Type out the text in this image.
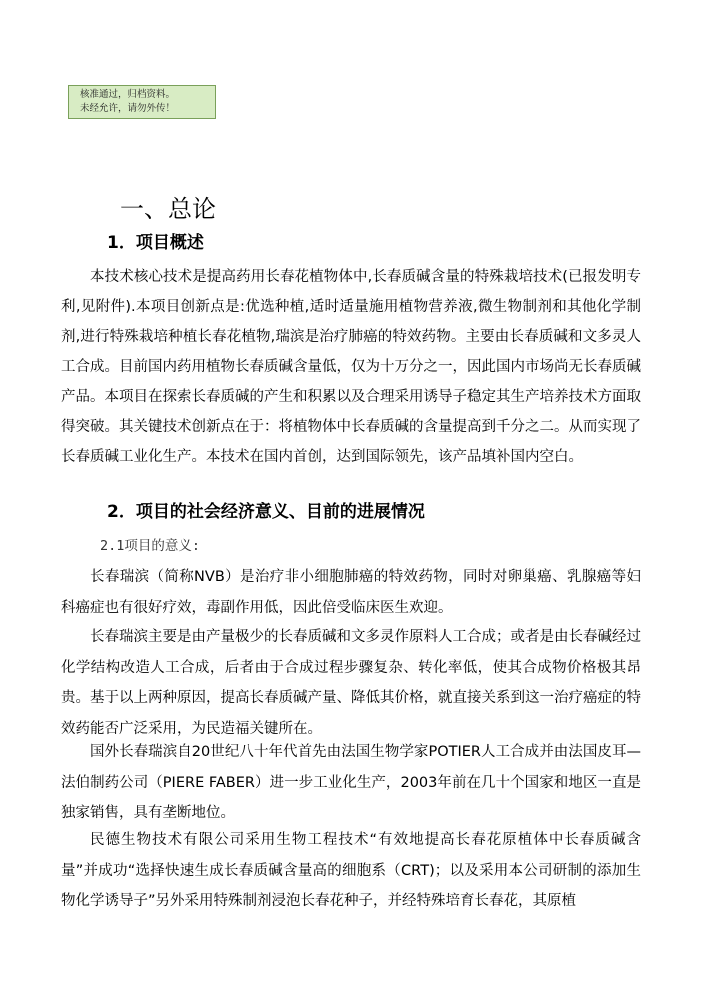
核准通过，归档资料。
未经允许，请勿外传！
一、总论
1．项目概述

本技术核心技术是提高药用长春花植物体中,长春质碱含量的特殊栽培技术(已报发明专利,见附件).本项目创新点是:优选种植,适时适量施用植物营养液,微生物制剂和其他化学制剂,进行特殊栽培种植长春花植物,瑞滨是治疗肺癌的特效药物。主要由长春质碱和文多灵人工合成。目前国内药用植物长春质碱含量低，仅为十万分之一，因此国内市场尚无长春质碱产品。本项目在探索长春质碱的产生和积累以及合理采用诱导子稳定其生产培养技术方面取得突破。其关键技术创新点在于：将植物体中长春质碱的含量提高到千分之二。从而实现了长春质碱工业化生产。本技术在国内首创，达到国际领先，该产品填补国内空白。

2．项目的社会经济意义、目前的进展情况
2.1项目的意义:

长春瑞滨（简称NVB）是治疗非小细胞肺癌的特效药物，同时对卵巢癌、乳腺癌等妇科癌症也有很好疗效，毒副作用低，因此倍受临床医生欢迎。

长春瑞滨主要是由产量极少的长春质碱和文多灵作原料人工合成；或者是由长春碱经过化学结构改造人工合成，后者由于合成过程步骤复杂、转化率低，使其合成物价格极其昂贵。基于以上两种原因，提高长春质碱产量、降低其价格，就直接关系到这一治疗癌症的特效药能否广泛采用，为民造福关键所在。

国外长春瑞滨自20世纪八十年代首先由法国生物学家POTIER人工合成并由法国皮耳—法伯制药公司（PIERE FABER）进一步工业化生产，2003年前在几十个国家和地区一直是独家销售，具有垄断地位。

民德生物技术有限公司采用生物工程技术“有效地提高长春花原植体中长春质碱含量”并成功“选择快速生成长春质碱含量高的细胞系（CRT)；以及采用本公司研制的添加生物化学诱导子”另外采用特殊制剂浸泡长春花种子，并经特殊培育长春花，其原植
